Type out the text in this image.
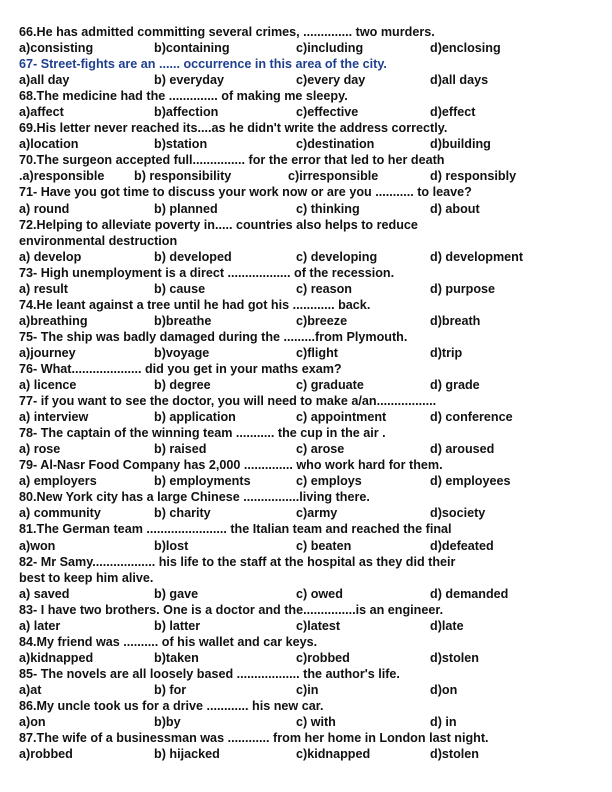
66.He has admitted committing several crimes, .............. two murders.
a)consisting	b)containing	c)including	d)enclosing
67- Street-fights are an ...... occurrence in this area of the city.
a)all day	b) everyday	c)every day	d)all days
68.The medicine had the .............. of making me sleepy.
a)affect	b)affection	c)effective	d)effect
69.His letter never reached its....as he didn't write the address correctly.
a)location	b)station	c)destination	d)building
70.The surgeon accepted full............... for the error that led to her death
.a)responsible b) responsibility	c)irresponsible	d) responsibly
71- Have you got time to discuss your work now or are you ........... to leave?
a) round	b) planned	c) thinking	d) about
72.Helping to alleviate poverty in..... countries also helps to reduce
environmental destruction
a) develop	b) developed	c) developing	d) development
73- High unemployment is a direct .................. of the recession.
a) result	b) cause	c) reason	d) purpose
74.He leant against a tree until he had got his ............ back.
a)breathing	b)breathe	c)breeze	d)breath
75- The ship was badly damaged during the .........from Plymouth.
a)journey	b)voyage	c)flight	d)trip
76- What.................... did you get in your maths exam?
a) licence	b) degree	c) graduate	d) grade
77- if you want to see the doctor, you will need to make a/an.................
a) interview	b) application	c) appointment	d) conference
78- The captain of the winning team ........... the cup in the air .
a) rose	b) raised	c) arose	d) aroused
79- Al-Nasr Food Company has 2,000 .............. who work hard for them.
a) employers	b) employments	c) employs	d) employees
80.New York city has a large Chinese ................living there.
a) community	b) charity	c)army	d)society
81.The German team ....................... the Italian team and reached the final
a)won	b)lost	c) beaten	d)defeated
82- Mr Samy.................. his life to the staff at the hospital as they did their
best to keep him alive.
a) saved	b) gave	c) owed	d) demanded
83- I have two brothers. One is a doctor and the...............is an engineer.
a) later	b) latter	c)latest	d)late
84.My friend was .......... of his wallet and car keys.
a)kidnapped	b)taken	c)robbed	d)stolen
85- The novels are all loosely based .................. the author's life.
a)at	b) for	c)in	d)on
86.My uncle took us for a drive ............ his new car.
a)on	b)by	c) with	d) in
87.The wife of a businessman was ............ from her home in London last night.
a)robbed	b) hijacked	c)kidnapped	d)stolen
